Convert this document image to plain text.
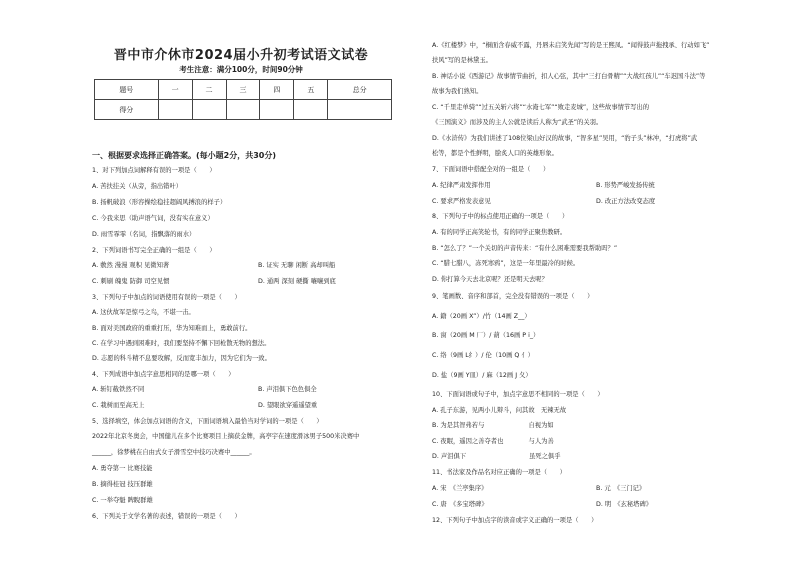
晋中市介休市2024届小升初考试语文试卷
考生注意：满分100分，时间90分钟
题号	一	二	三	四	五	总分
得分						
一、根据要求选择正确答案。(每小题2分，共30分)
1、对下列加点词解释有误的一项是（　　）
A. 苦扶挂关（从旁，指出错叶）
B. 扬帆破浪（形容操绘稳挂超阔风搏浪的样子）
C. 今我来思（助声语气词，没有实在意义）
D. 雨雪霏霏（名词，指飘落的雨水）
2、下列词语书写完全正确的一组是（　　）
A. 敷然 漫漫 观积 见微知著	B. 证实 无聊 闲断 高却叫船
C. 刺刷 魄鬼 防御 司空见惯	D. 通两 深刻 硬撕 嚷嚷到底
3、下列句子中加点的词语使用有误的一项是（　　）
A. 这伙故军是惊弓之鸟，不堪一击。
B. 面对美国政府的重重打压，华为知难而上，勇敢前行。
C. 在学习中遇到困难时，我们要坚持不懈下回枪散无物的想法。
D. 志愿的科斗精不息要攻解，反而宽丰加力，因为它们为一致。
4、下列成语中加点字意思相同的是哪一项（　　）
A. 斩钉截铁然不同	B. 声泪俱下色色俱全
C. 栽树而至高无上	D. 望眼欲穿遥遥望重
5、选择填空，体会加点词语的含义，下面词语填入最恰当对学词的一项是（　　）
2022年北京冬奥会，中国健儿在多个比赛项目上摘获金牌，高亭宇在速度滑冰男子500米决赛中
______，徐梦桃在自由式女子滑雪空中技巧决赛中______。
A. 勇夺第一 比赛技能
B. 摘得桂冠 技压群雄
C. 一举夺魁 睥睨群雄
6、下列关于文学名著的表述，错误的一项是（　　）
A.《红楼梦》中，“桐面含春威不露，丹唇未启笑先闻”写的是王熙凤。“闻得鼓声拖拽承、行动如飞”
扶风”写的是林黛玉。
B. 神话小说《西游记》故事情节曲折，扣人心弦，其中“三打白骨精”“大战红孩儿”“车迟国斗法”等
故事为我们熟知。
C. “千里走单骑”“过五关斩六将”“水淹七军”“败走麦城”，这些故事情节写出的
《三国演义》而涉及的主人公就是读后人称为“武圣”的关羽。
D.《水浒传》为我们讲述了108位梁山好汉的故事，“智多星”吴用，“豹子头”林冲，“打虎将”武
松等，都是个性鲜明，脍炙人口的英雄形象。
7、下面词语中搭配全对的一组是（　　）
A. 纪律严肃发挥作用	B. 形势严峻发扬传统
C. 要求严格发表意见	D. 改正方法改变态度
8、下列句子中的标点使用正确的一项是（　　）
A. 有的同学正高笑轮书，有的同学正聚焦教研。
B. “怎么了？”一个关切的声音传来：“有什么困难需要我帮助吗？”
C. “腊七腊八，冻死寒鸦”，这是一年里最冷的时候。
D. 你打算今天去北京呢？还是明天去呢？
9、笔画数、音序和部首，完全没有错误的一项是（　　）
A. 籍（20画 X”）/竹（14画 Z__）
B. 窗（20画 M 厂）/ 葫（16画 P i_）
C. 络（9画 L纟）/ 伦（10画 Q 亻）
D. 盐（9画 Y皿）/ 麻（12画 J 夂）
10、下面词语或句子中，加点字意思不相同的一项是（　　）
A. 孔子东游，见两小儿辩斗，问其故　无辣无故
B. 为是其智弗若与　　　　　　　自视为如
C. 夜眠，遥因之善夺者也　　　　与人为善
D. 声泪俱下　　　　　　　　　　虽死之俱乎
11、书法家及作品名对应正确的一项是（　　）
A. 宋　《兰亭集序》	B. 元　《三门记》
C. 唐　《多宝塔碑》	D. 明　《玄秘塔碑》
12、下列句子中加点字的读音或字义正确的一项是（　　）
